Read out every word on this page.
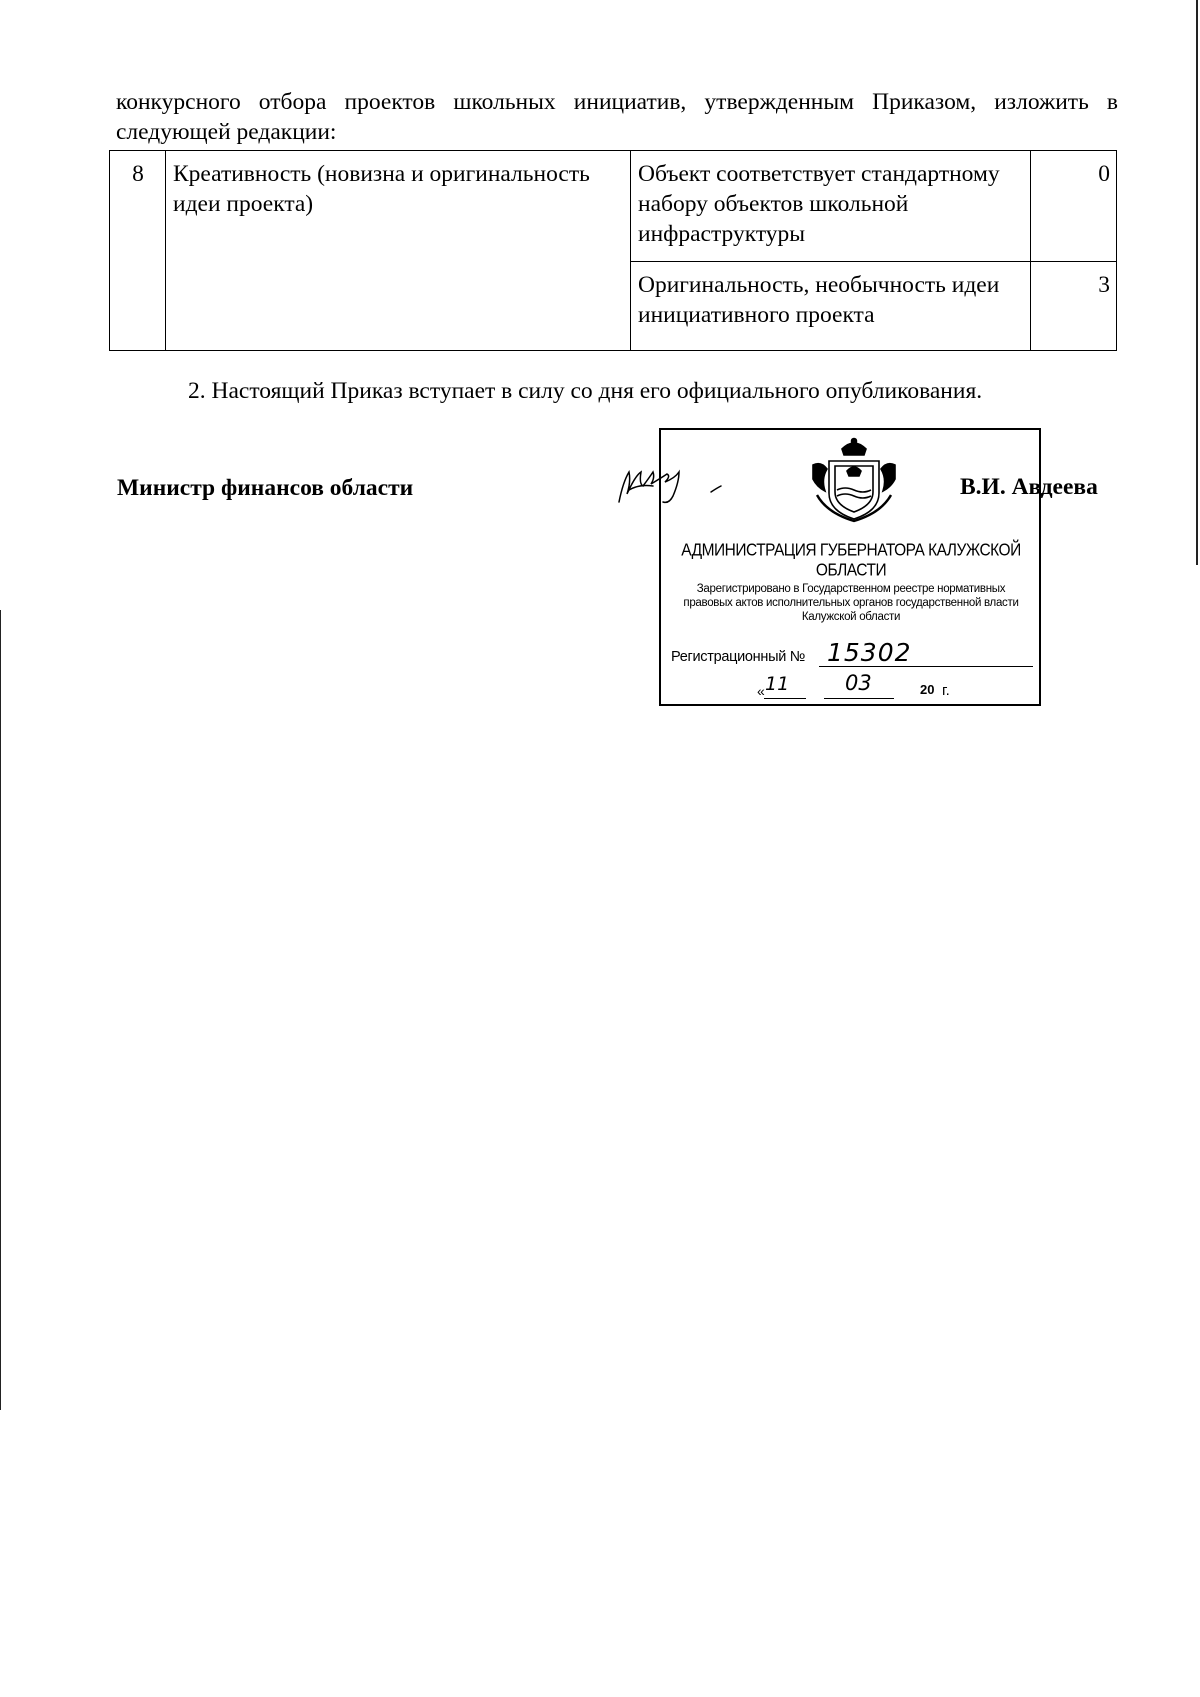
конкурсного отбора проектов школьных инициатив, утвержденным Приказом, изложить в следующей редакции:
8	Креативность (новизна и оригинальность идеи проекта)	Объект соответствует стандартному набору объектов школьной инфраструктуры	0
		Оригинальность, необычность идеи инициативного проекта	3
2. Настоящий Приказ вступает в силу со дня его официального опубликования.
Министр финансов области
АДМИНИСТРАЦИЯ ГУБЕРНАТОРА КАЛУЖСКОЙ ОБЛАСТИ
Зарегистрировано в Государственном реестре нормативных
правовых актов исполнительных органов государственной власти
Калужской области
Регистрационный № 15302
« 11	03	20 г.
В.И. Авдеева
